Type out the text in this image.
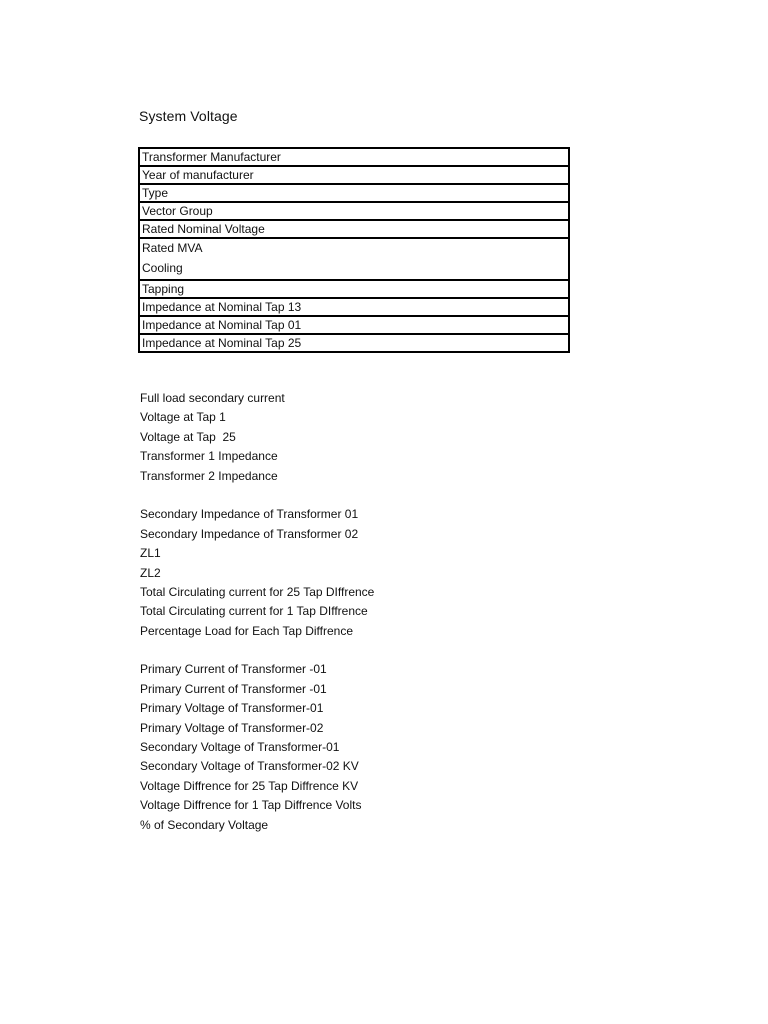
System Voltage
Transformer Manufacturer
Year of manufacturer
Type
Vector Group
Rated Nominal Voltage

Rated MVA
Cooling

Tapping
Impedance at Nominal Tap 13
Impedance at Nominal Tap 01
Impedance at Nominal Tap 25
Full load secondary current
Voltage at Tap 1
Voltage at Tap  25
Transformer 1 Impedance
Transformer 2 Impedance
Secondary Impedance of Transformer 01
Secondary Impedance of Transformer 02
ZL1
ZL2
Total Circulating current for 25 Tap DIffrence
Total Circulating current for 1 Tap DIffrence
Percentage Load for Each Tap Diffrence
Primary Current of Transformer -01
Primary Current of Transformer -01
Primary Voltage of Transformer-01
Primary Voltage of Transformer-02
Secondary Voltage of Transformer-01
Secondary Voltage of Transformer-02 KV
Voltage Diffrence for 25 Tap Diffrence KV
Voltage Diffrence for 1 Tap Diffrence Volts
% of Secondary Voltage
